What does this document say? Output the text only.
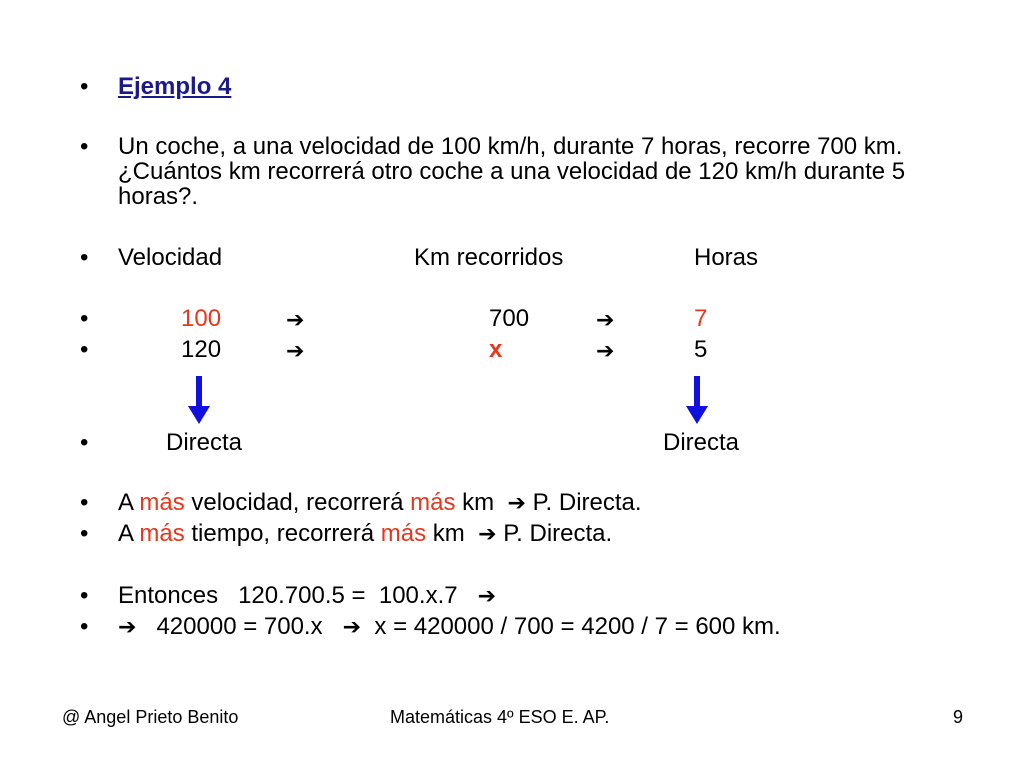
• Ejemplo 4
• Un coche, a una velocidad de 100 km/h, durante 7 horas, recorre 700 km. ¿Cuántos km recorrerá otro coche a una velocidad de 120 km/h durante 5 horas?.
• Velocidad	Km recorridos	Horas
•	100	➔	700	➔	7
•	120	➔	x	➔	5
•	Directa	Directa
• A más velocidad, recorrerá más km ➔ P. Directa.
• A más tiempo, recorrerá más km ➔ P. Directa.
• Entonces   120.700.5 =  100.x.7 ➔
• ➔ 420000 = 700.x ➔ x = 420000 / 700 = 4200 / 7 = 600 km.
@ Angel Prieto Benito	Matemáticas 4º ESO E. AP.	9
